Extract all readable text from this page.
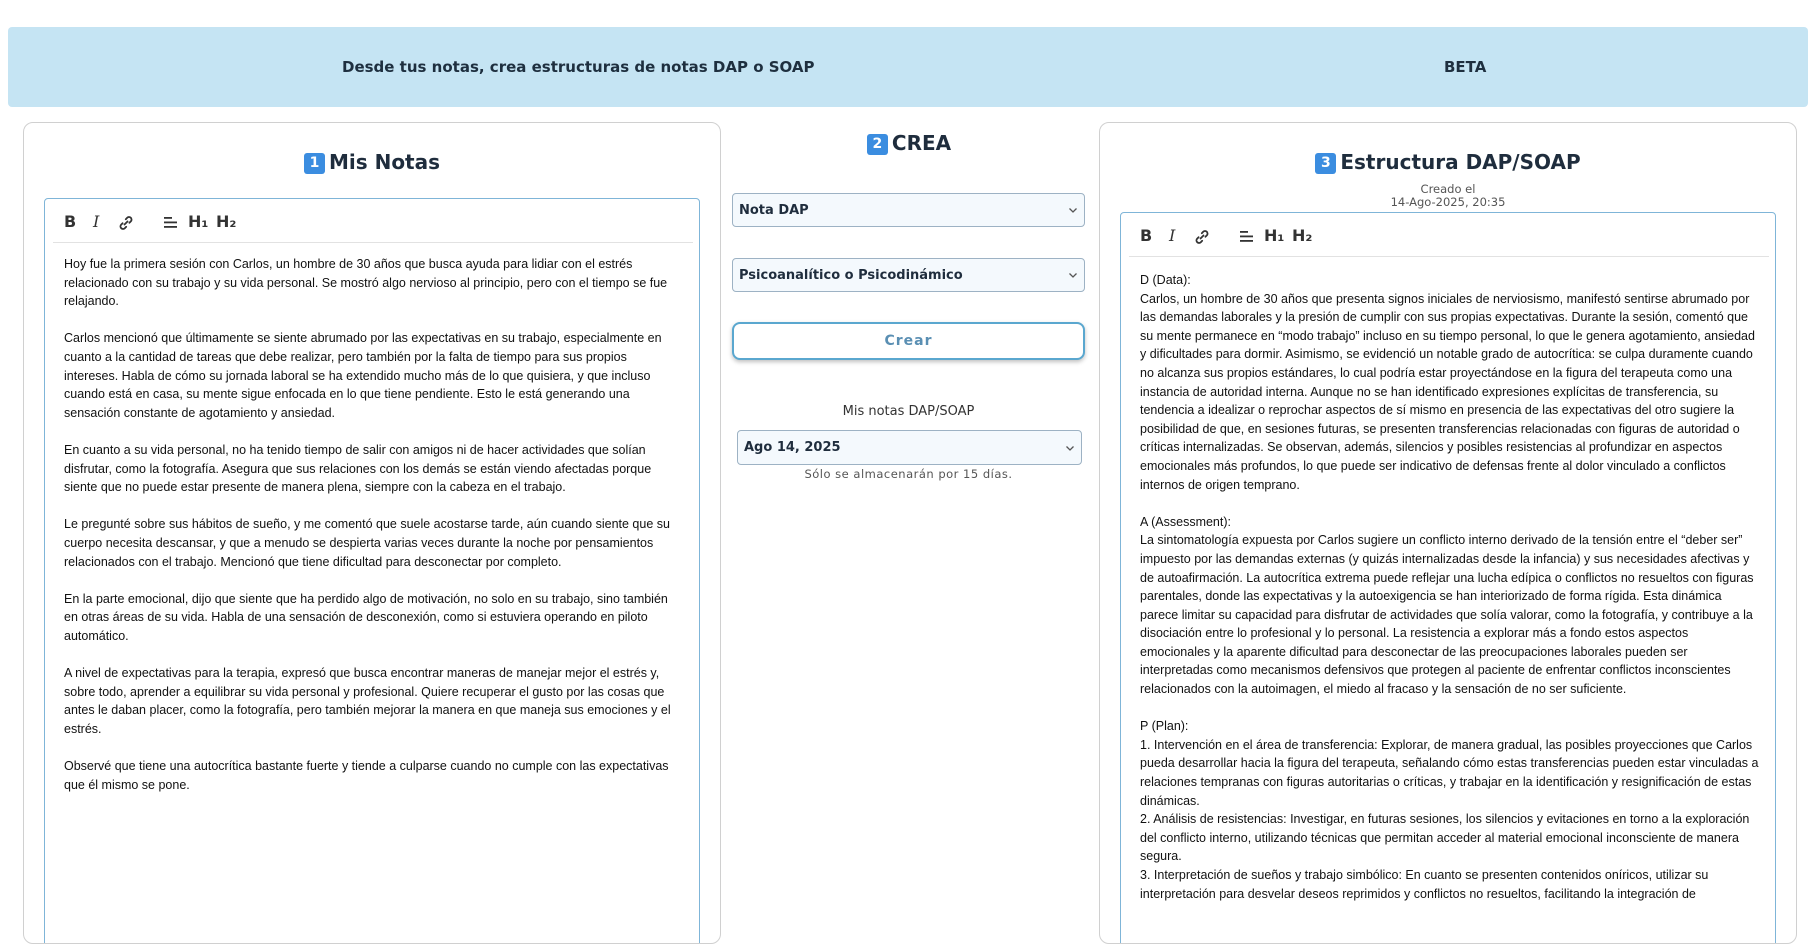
Desde tus notas, crea estructuras de notas DAP o SOAP	BETA
1 Mis Notas
B I	H₁ H₂

Hoy fue la primera sesión con Carlos, un hombre de 30 años que busca ayuda para lidiar con el estrés relacionado con su trabajo y su vida personal. Se mostró algo nervioso al principio, pero con el tiempo se fue relajando.

Carlos mencionó que últimamente se siente abrumado por las expectativas en su trabajo, especialmente en cuanto a la cantidad de tareas que debe realizar, pero también por la falta de tiempo para sus propios intereses. Habla de cómo su jornada laboral se ha extendido mucho más de lo que quisiera, y que incluso cuando está en casa, su mente sigue enfocada en lo que tiene pendiente. Esto le está generando una sensación constante de agotamiento y ansiedad.

En cuanto a su vida personal, no ha tenido tiempo de salir con amigos ni de hacer actividades que solían disfrutar, como la fotografía. Asegura que sus relaciones con los demás se están viendo afectadas porque siente que no puede estar presente de manera plena, siempre con la cabeza en el trabajo.

Le pregunté sobre sus hábitos de sueño, y me comentó que suele acostarse tarde, aún cuando siente que su cuerpo necesita descansar, y que a menudo se despierta varias veces durante la noche por pensamientos relacionados con el trabajo. Mencionó que tiene dificultad para desconectar por completo.

En la parte emocional, dijo que siente que ha perdido algo de motivación, no solo en su trabajo, sino también en otras áreas de su vida. Habla de una sensación de desconexión, como si estuviera operando en piloto automático.

A nivel de expectativas para la terapia, expresó que busca encontrar maneras de manejar mejor el estrés y, sobre todo, aprender a equilibrar su vida personal y profesional. Quiere recuperar el gusto por las cosas que antes le daban placer, como la fotografía, pero también mejorar la manera en que maneja sus emociones y el estrés.

Observé que tiene una autocrítica bastante fuerte y tiende a culparse cuando no cumple con las expectativas que él mismo se pone.

2 CREA
Nota DAP
Psicoanalítico o Psicodinámico
Crear
Mis notas DAP/SOAP
Ago 14, 2025
Sólo se almacenarán por 15 días.
3 Estructura DAP/SOAP
Creado el
14-Ago-2025, 20:35
B I	H₁ H₂

D (Data):
Carlos, un hombre de 30 años que presenta signos iniciales de nerviosismo, manifestó sentirse abrumado por las demandas laborales y la presión de cumplir con sus propias expectativas. Durante la sesión, comentó que su mente permanece en “modo trabajo” incluso en su tiempo personal, lo que le genera agotamiento, ansiedad y dificultades para dormir. Asimismo, se evidenció un notable grado de autocrítica: se culpa duramente cuando no alcanza sus propios estándares, lo cual podría estar proyectándose en la figura del terapeuta como una instancia de autoridad interna. Aunque no se han identificado expresiones explícitas de transferencia, su tendencia a idealizar o reprochar aspectos de sí mismo en presencia de las expectativas del otro sugiere la posibilidad de que, en sesiones futuras, se presenten transferencias relacionadas con figuras de autoridad o críticas internalizadas. Se observan, además, silencios y posibles resistencias al profundizar en aspectos emocionales más profundos, lo que puede ser indicativo de defensas frente al dolor vinculado a conflictos internos de origen temprano.

A (Assessment):
La sintomatología expuesta por Carlos sugiere un conflicto interno derivado de la tensión entre el “deber ser” impuesto por las demandas externas (y quizás internalizadas desde la infancia) y sus necesidades afectivas y de autoafirmación. La autocrítica extrema puede reflejar una lucha edípica o conflictos no resueltos con figuras parentales, donde las expectativas y la autoexigencia se han interiorizado de forma rígida. Esta dinámica parece limitar su capacidad para disfrutar de actividades que solía valorar, como la fotografía, y contribuye a la disociación entre lo profesional y lo personal. La resistencia a explorar más a fondo estos aspectos emocionales y la aparente dificultad para desconectar de las preocupaciones laborales pueden ser interpretadas como mecanismos defensivos que protegen al paciente de enfrentar conflictos inconscientes relacionados con la autoimagen, el miedo al fracaso y la sensación de no ser suficiente.

P (Plan):
1. Intervención en el área de transferencia: Explorar, de manera gradual, las posibles proyecciones que Carlos pueda desarrollar hacia la figura del terapeuta, señalando cómo estas transferencias pueden estar vinculadas a relaciones tempranas con figuras autoritarias o críticas, y trabajar en la identificación y resignificación de estas dinámicas.
2. Análisis de resistencias: Investigar, en futuras sesiones, los silencios y evitaciones en torno a la exploración del conflicto interno, utilizando técnicas que permitan acceder al material emocional inconsciente de manera segura.
3. Interpretación de sueños y trabajo simbólico: En cuanto se presenten contenidos oníricos, utilizar su interpretación para desvelar deseos reprimidos y conflictos no resueltos, facilitando la integración de
